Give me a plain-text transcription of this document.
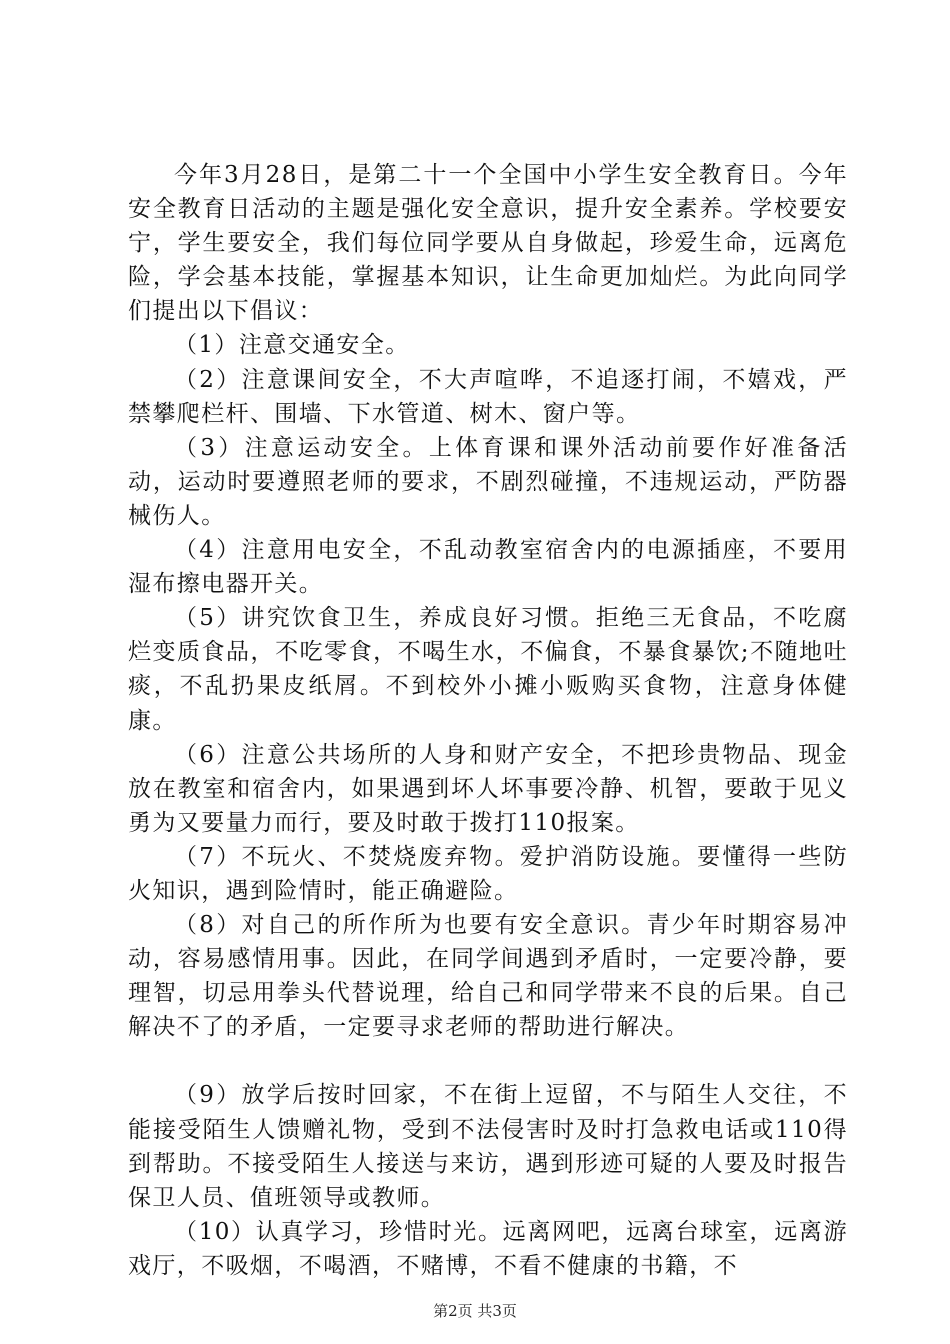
今年3月28日，是第二十一个全国中小学生安全教育日。今年安全教育日活动的主题是强化安全意识，提升安全素养。学校要安宁，学生要安全，我们每位同学要从自身做起，珍爱生命，远离危险，学会基本技能，掌握基本知识，让生命更加灿烂。为此向同学们提出以下倡议：

（1）注意交通安全。

（2）注意课间安全，不大声喧哗，不追逐打闹，不嬉戏，严禁攀爬栏杆、围墙、下水管道、树木、窗户等。

（3）注意运动安全。上体育课和课外活动前要作好准备活动，运动时要遵照老师的要求，不剧烈碰撞，不违规运动，严防器械伤人。

（4）注意用电安全，不乱动教室宿舍内的电源插座，不要用湿布擦电器开关。

（5）讲究饮食卫生，养成良好习惯。拒绝三无食品，不吃腐烂变质食品，不吃零食，不喝生水，不偏食，不暴食暴饮;不随地吐痰，不乱扔果皮纸屑。不到校外小摊小贩购买食物，注意身体健康。

（6）注意公共场所的人身和财产安全，不把珍贵物品、现金放在教室和宿舍内，如果遇到坏人坏事要冷静、机智，要敢于见义勇为又要量力而行，要及时敢于拨打110报案。

（7）不玩火、不焚烧废弃物。爱护消防设施。要懂得一些防火知识，遇到险情时，能正确避险。

（8）对自己的所作所为也要有安全意识。青少年时期容易冲动，容易感情用事。因此，在同学间遇到矛盾时，一定要冷静，要理智，切忌用拳头代替说理，给自己和同学带来不良的后果。自己解决不了的矛盾，一定要寻求老师的帮助进行解决。

（9）放学后按时回家，不在街上逗留，不与陌生人交往，不能接受陌生人馈赠礼物，受到不法侵害时及时打急救电话或110得到帮助。不接受陌生人接送与来访，遇到形迹可疑的人要及时报告保卫人员、值班领导或教师。

（10）认真学习，珍惜时光。远离网吧，远离台球室，远离游戏厅，不吸烟，不喝酒，不赌博，不看不健康的书籍，不

第2页 共3页
